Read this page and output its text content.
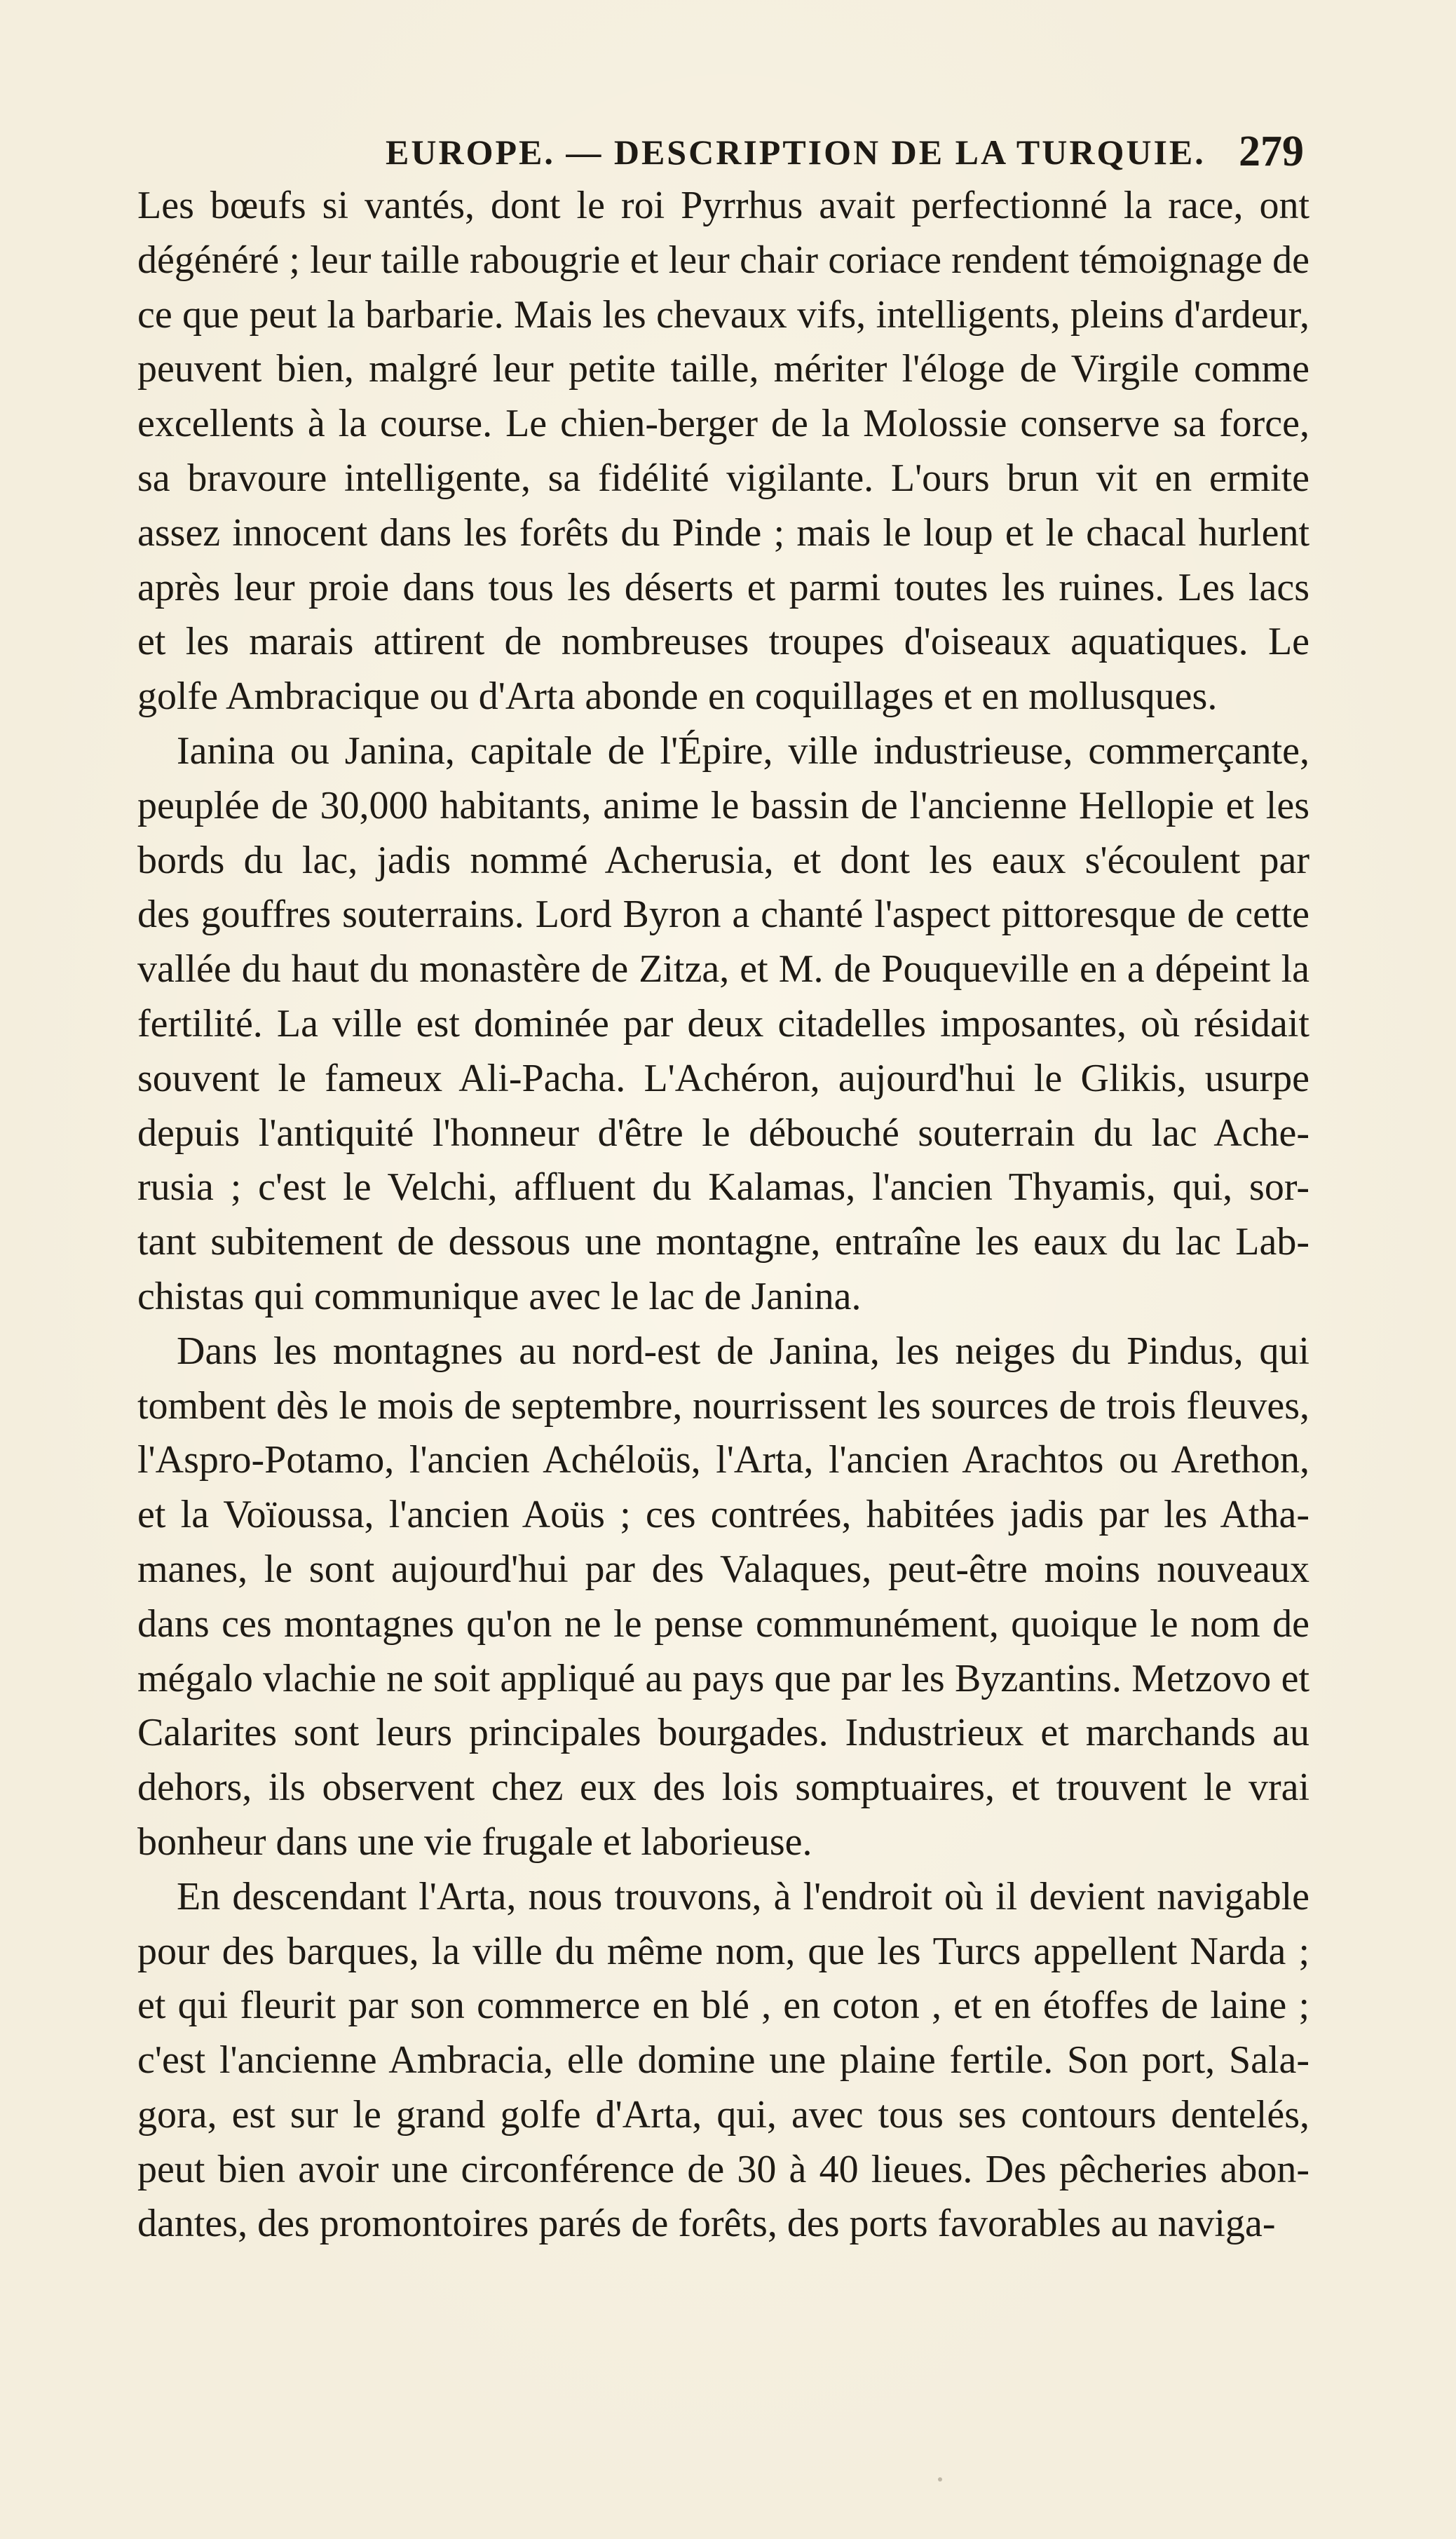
EUROPE. — DESCRIPTION DE LA TURQUIE. 279
Les bœufs si vantés, dont le roi Pyrrhus avait perfectionné la race, ont
dégénéré ; leur taille rabougrie et leur chair coriace rendent témoignage de
ce que peut la barbarie. Mais les chevaux vifs, intelligents, pleins d'ardeur,
peuvent bien, malgré leur petite taille, mériter l'éloge de Virgile comme
excellents à la course. Le chien-berger de la Molossie conserve sa force,
sa bravoure intelligente, sa fidélité vigilante. L'ours brun vit en ermite
assez innocent dans les forêts du Pinde ; mais le loup et le chacal hurlent
après leur proie dans tous les déserts et parmi toutes les ruines. Les lacs
et les marais attirent de nombreuses troupes d'oiseaux aquatiques. Le
golfe Ambracique ou d'Arta abonde en coquillages et en mollusques.
Ianina ou Janina, capitale de l'Épire, ville industrieuse, commerçante,
peuplée de 30,000 habitants, anime le bassin de l'ancienne Hellopie et les
bords du lac, jadis nommé Acherusia, et dont les eaux s'écoulent par
des gouffres souterrains. Lord Byron a chanté l'aspect pittoresque de cette
vallée du haut du monastère de Zitza, et M. de Pouqueville en a dépeint la
fertilité. La ville est dominée par deux citadelles imposantes, où résidait
souvent le fameux Ali-Pacha. L'Achéron, aujourd'hui le Glikis, usurpe
depuis l'antiquité l'honneur d'être le débouché souterrain du lac Ache-
rusia ; c'est le Velchi, affluent du Kalamas, l'ancien Thyamis, qui, sor-
tant subitement de dessous une montagne, entraîne les eaux du lac Lab-
chistas qui communique avec le lac de Janina.
Dans les montagnes au nord-est de Janina, les neiges du Pindus, qui
tombent dès le mois de septembre, nourrissent les sources de trois fleuves,
l'Aspro-Potamo, l'ancien Achéloüs, l'Arta, l'ancien Arachtos ou Arethon,
et la Voïoussa, l'ancien Aoüs ; ces contrées, habitées jadis par les Atha-
manes, le sont aujourd'hui par des Valaques, peut-être moins nouveaux
dans ces montagnes qu'on ne le pense communément, quoique le nom de
mégalo vlachie ne soit appliqué au pays que par les Byzantins. Metzovo et
Calarites sont leurs principales bourgades. Industrieux et marchands au
dehors, ils observent chez eux des lois somptuaires, et trouvent le vrai
bonheur dans une vie frugale et laborieuse.
En descendant l'Arta, nous trouvons, à l'endroit où il devient navigable
pour des barques, la ville du même nom, que les Turcs appellent Narda ;
et qui fleurit par son commerce en blé , en coton , et en étoffes de laine ;
c'est l'ancienne Ambracia, elle domine une plaine fertile. Son port, Sala-
gora, est sur le grand golfe d'Arta, qui, avec tous ses contours dentelés,
peut bien avoir une circonférence de 30 à 40 lieues. Des pêcheries abon-
dantes, des promontoires parés de forêts, des ports favorables au naviga-
